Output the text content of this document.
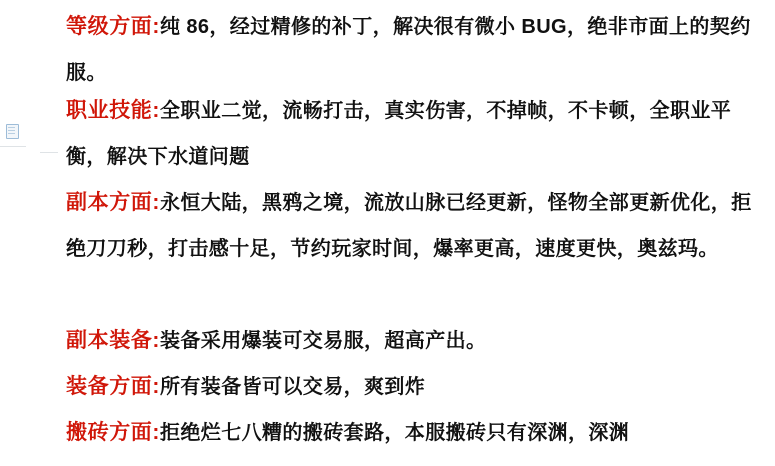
等级方面:纯 86，经过精修的补丁，解决很有微小 BUG，绝非市面上的契约服。

职业技能:全职业二觉，流畅打击，真实伤害，不掉帧，不卡顿，全职业平衡，解决下水道问题

副本方面:永恒大陆，黑鸦之境，流放山脉已经更新，怪物全部更新优化，拒绝刀刀秒，打击感十足，节约玩家时间，爆率更高，速度更快，奥兹玛。

副本装备:装备采用爆装可交易服，超高产出。

装备方面:所有装备皆可以交易，爽到炸

搬砖方面:拒绝烂七八糟的搬砖套路，本服搬砖只有深渊，深渊
